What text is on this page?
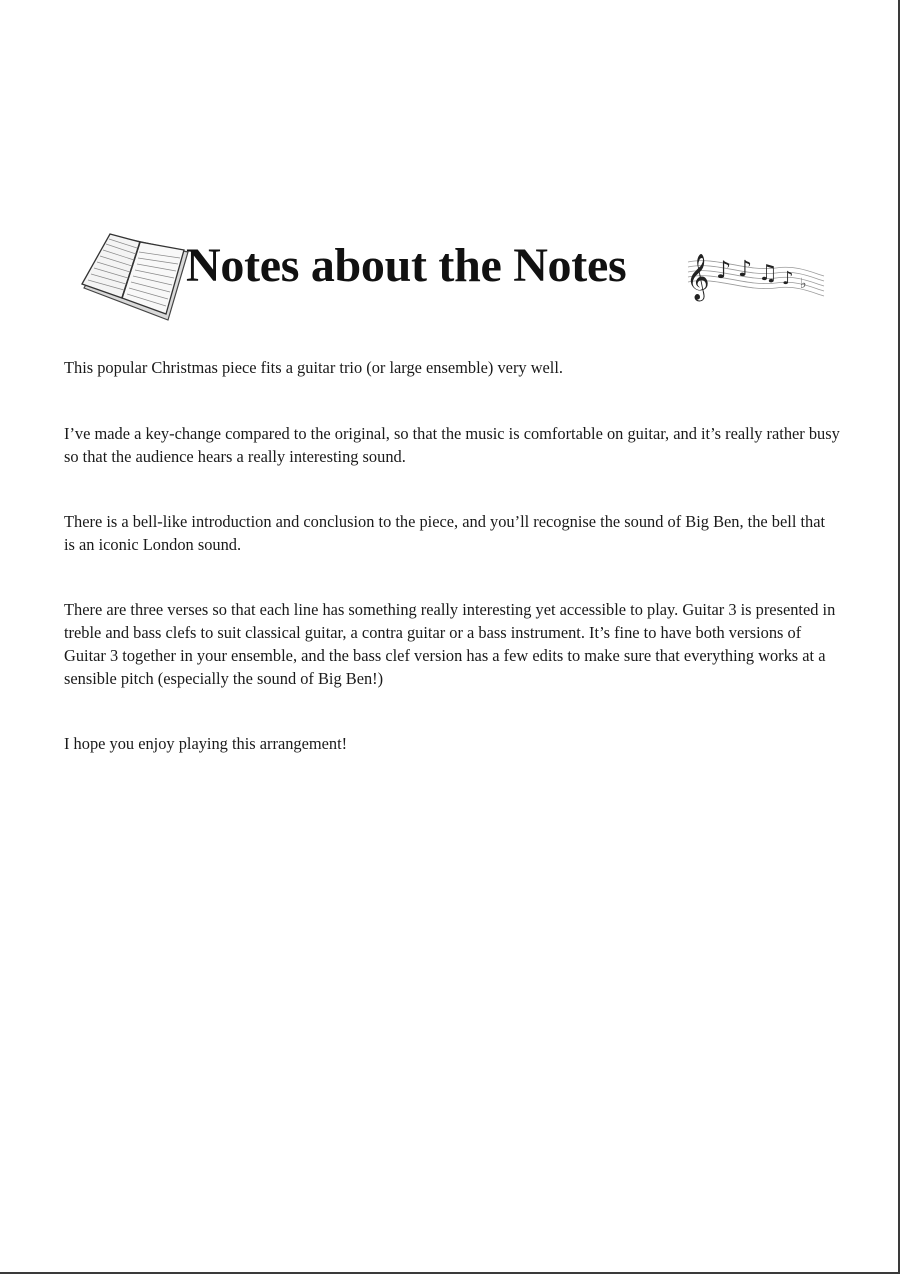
Notes about the Notes 𝄞 ♪ ♪ ♫ ♪ ♭

This popular Christmas piece fits a guitar trio (or large ensemble) very well.

I’ve made a key-change compared to the original, so that the music is comfortable on guitar, and it’s really rather busy so that the audience hears a really interesting sound.

There is a bell-like introduction and conclusion to the piece, and you’ll recognise the sound of Big Ben, the bell that is an iconic London sound.

There are three verses so that each line has something really interesting yet accessible to play. Guitar 3 is presented in treble and bass clefs to suit classical guitar, a contra guitar or a bass instrument. It’s fine to have both versions of Guitar 3 together in your ensemble, and the bass clef version has a few edits to make sure that everything works at a sensible pitch (especially the sound of Big Ben!)

I hope you enjoy playing this arrangement!
